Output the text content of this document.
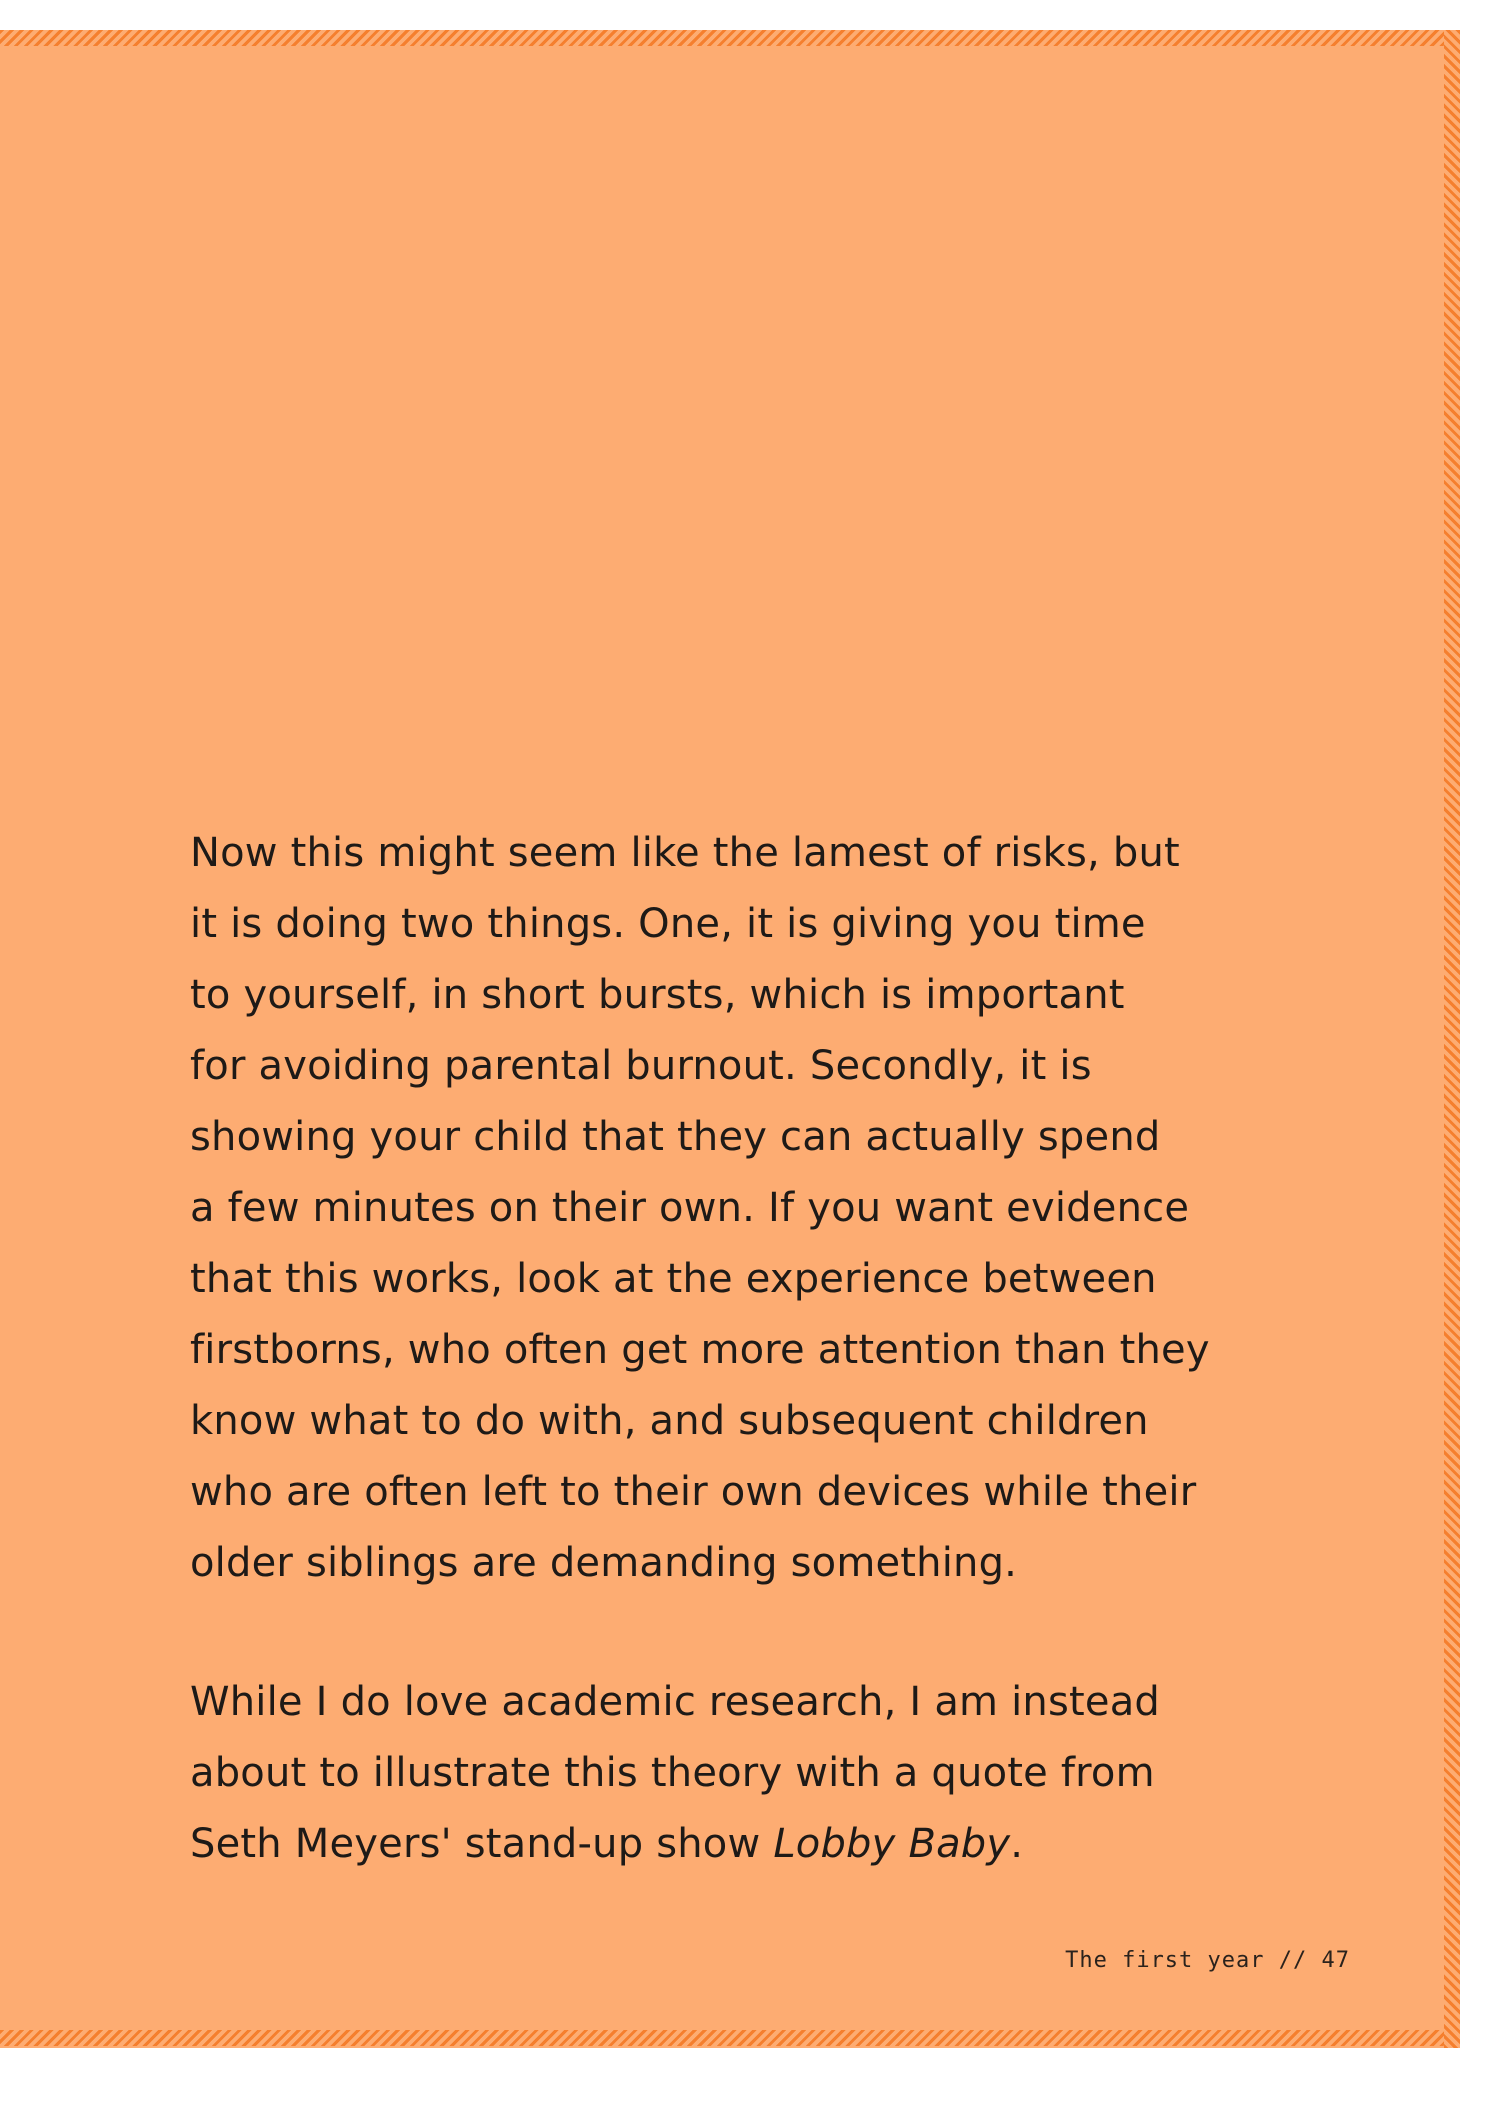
Now this might seem like the lamest of risks, but
it is doing two things. One, it is giving you time
to yourself, in short bursts, which is important
for avoiding parental burnout. Secondly, it is
showing your child that they can actually spend
a few minutes on their own. If you want evidence
that this works, look at the experience between
firstborns, who often get more attention than they
know what to do with, and subsequent children
who are often left to their own devices while their
older siblings are demanding something.

While I do love academic research, I am instead
about to illustrate this theory with a quote from
Seth Meyers' stand-up show Lobby Baby.

The first year // 47
